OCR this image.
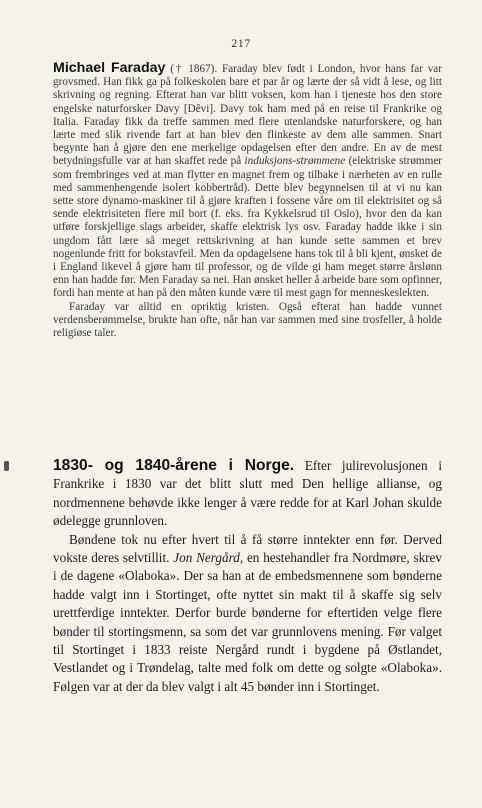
217

Michael Faraday († 1867). Faraday blev født i London, hvor hans far var grovsmed. Han fikk ga på folkeskolen bare et par år og lærte der så vidt å lese, og litt skrivning og regning. Efterat han var blitt voksen, kom han i tjeneste hos den store engelske naturforsker Davy [Dêvi]. Davy tok ham med på en reise til Frankrike og Italia. Faraday fikk da treffe sammen med flere utenlandske naturforskere, og han lærte med slik rivende fart at han blev den flinkeste av dem alle sammen. Snart begynte han å gjøre den ene merkelige opdagelsen efter den andre. En av de mest betydningsfulle var at han skaffet rede på induksjons-strømmene (elektriske strømmer som frembringes ved at man flytter en magnet frem og tilbake i nærheten av en rulle med sammenhengende isolert kobbertråd). Dette blev begynnelsen til at vi nu kan sette store dynamo-maskiner til å gjøre kraften i fossene våre om til elektrisitet og så sende elektrisiteten flere mil bort (f. eks. fra Kykkelsrud til Oslo), hvor den da kan utføre forskjellige slags arbeider, skaffe elektrisk lys osv. Faraday hadde ikke i sin ungdom fått lære så meget rettskrivning at han kunde sette sammen et brev nogenlunde fritt for bokstavfeil. Men da opdagelsene hans tok til å bli kjent, ønsket de i England likevel å gjøre ham til professor, og de vilde gi ham meget større årslønn enn han hadde før. Men Faraday sa nei. Han ønsket heller å arbeide bare som opfinner, fordi han mente at han på den måten kunde være til mest gagn for menneskeslekten.

Faraday var alltid en opriktig kristen. Også efterat han hadde vunnet verdensberømmelse, brukte han ofte, når han var sammen med sine trosfeller, å holde religiøse taler.

1830- og 1840-årene i Norge. Efter julirevolusjonen i Frankrike i 1830 var det blitt slutt med Den hellige allianse, og nordmennene behøvde ikke lenger å være redde for at Karl Johan skulde ødelegge grunnloven.

Bøndene tok nu efter hvert til å få større inntekter enn før. Derved vokste deres selvtillit. Jon Nergård, en hestehandler fra Nordmøre, skrev i de dagene «Olaboka». Der sa han at de embedsmennene som bønderne hadde valgt inn i Stortinget, ofte nyttet sin makt til å skaffe sig selv urettferdige inntekter. Derfor burde bønderne for eftertiden velge flere bønder til stortingsmenn, sa som det var grunnlovens mening. Før valget til Stortinget i 1833 reiste Nergård rundt i bygdene på Østlandet, Vestlandet og i Trøndelag, talte med folk om dette og solgte «Olaboka». Følgen var at der da blev valgt i alt 45 bønder inn i Stortinget.
